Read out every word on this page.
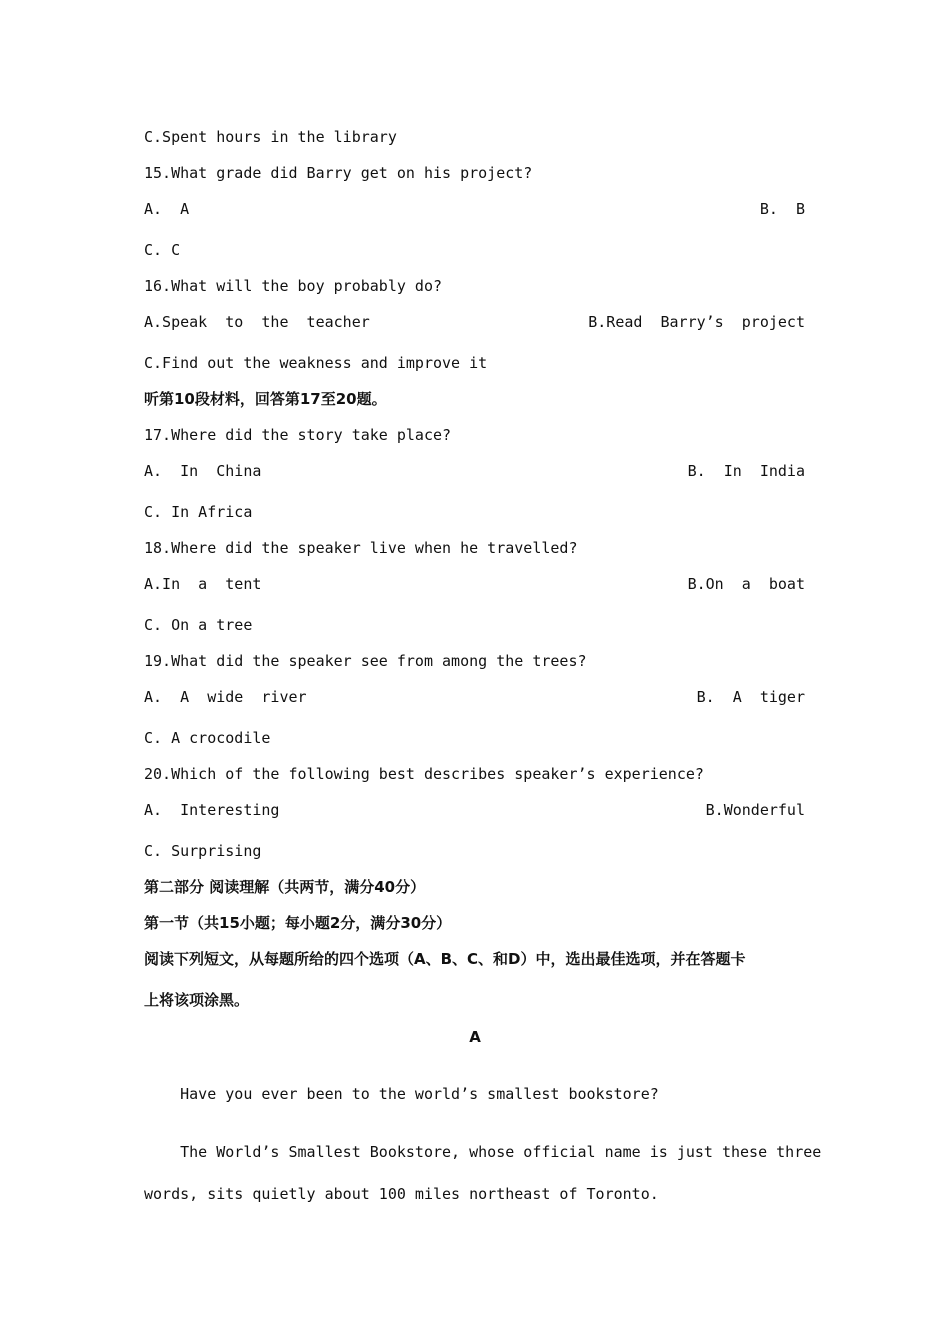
C.Spent hours in the library
15.What grade did Barry get on his project?
A.  A	B.  B
C. C
16.What will the boy probably do?
A.Speak  to  the  teacher	B.Read  Barry’s  project
C.Find out the weakness and improve it
听第10段材料，回答第17至20题。
17.Where did the story take place?
A.  In  China	B.  In  India
C. In Africa
18.Where did the speaker live when he travelled?
A.In  a  tent	B.On  a  boat
C. On a tree
19.What did the speaker see from among the trees?
A.  A  wide  river	B.  A  tiger
C. A crocodile
20.Which of the following best describes speaker’s experience?
A.  Interesting	B.Wonderful
C. Surprising
第二部分 阅读理解（共两节，满分40分）
第一节（共15小题；每小题2分，满分30分）
阅读下列短文，从每题所给的四个选项（A、B、C、和D）中，选出最佳选项，并在答题卡
上将该项涂黑。
A
Have you ever been to the world’s smallest bookstore?
The World’s Smallest Bookstore, whose official name is just these three
words, sits quietly about 100 miles northeast of Toronto.
